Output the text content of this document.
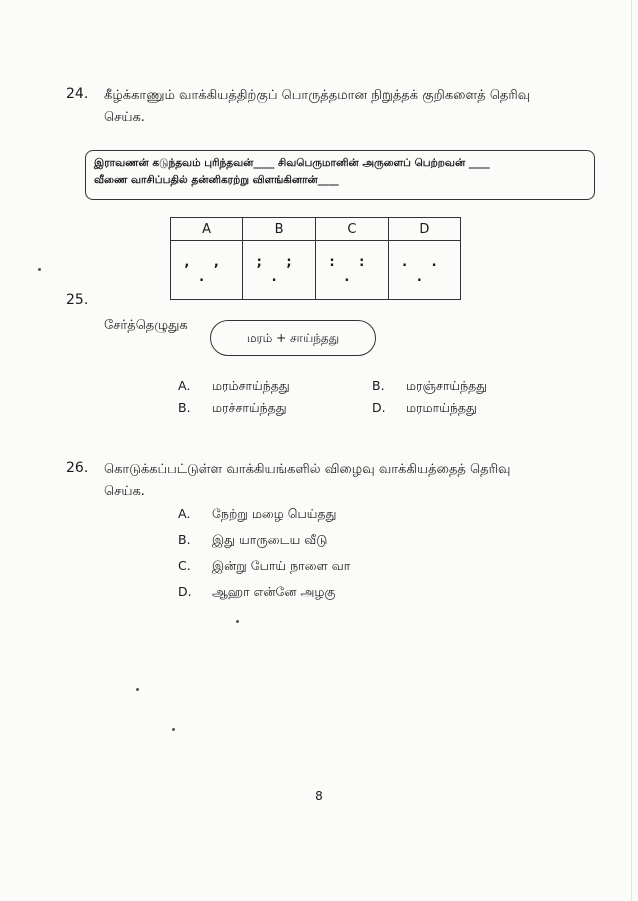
24. கீழ்க்காணும் வாக்கியத்திற்குப் பொருத்தமான நிறுத்தக் குறிகளைத் தெரிவு
செய்க.
இராவணன் கடுந்தவம் புரிந்தவன்____ சிவபெருமானின் அருளைப் பெற்றவன் ____
வீணை வாசிப்பதில் தன்னிகரற்று விளங்கினான்____
A	B	C	D
, , .	; ; .	: : .	. . .
25.
சேர்த்தெழுதுக
மரம் + சாய்ந்தது
A. மரம்சாய்ந்தது	B. மரஞ்சாய்ந்தது
B. மரச்சாய்ந்தது	D. மரமாய்ந்தது
26. கொடுக்கப்பட்டுள்ள வாக்கியங்களில் விழைவு வாக்கியத்தைத் தெரிவு
செய்க.
A. நேற்று மழை பெய்தது
B. இது யாருடைய வீடு
C. இன்று போய் நாளை வா
D. ஆஹா என்னே அழகு
8
